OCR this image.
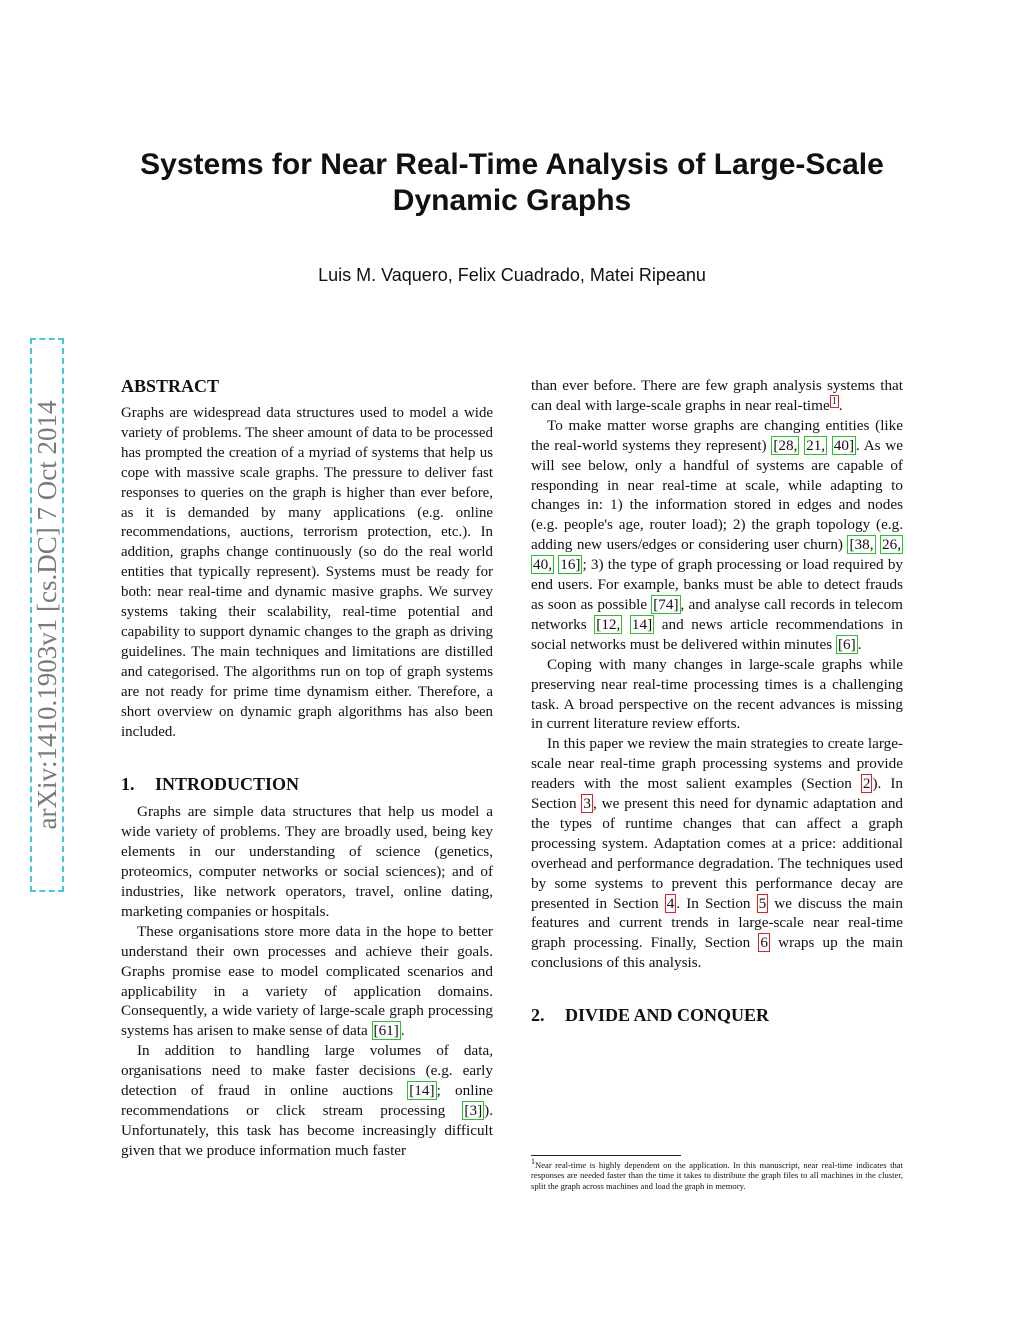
Systems for Near Real-Time Analysis of Large-Scale
Dynamic Graphs
Luis M. Vaquero, Felix Cuadrado, Matei Ripeanu
arXiv:1410.1903v1 [cs.DC] 7 Oct 2014
ABSTRACT

Graphs are widespread data structures used to model a wide variety of problems. The sheer amount of data to be processed has prompted the creation of a myriad of systems that help us cope with massive scale graphs. The pressure to deliver fast responses to queries on the graph is higher than ever before, as it is demanded by many applications (e.g. online recommendations, auctions, terrorism protection, etc.). In addition, graphs change continuously (so do the real world entities that typically represent). Systems must be ready for both: near real-time and dynamic masive graphs. We survey systems taking their scalability, real-time potential and capability to support dynamic changes to the graph as driving guidelines. The main techniques and limitations are distilled and categorised. The algorithms run on top of graph systems are not ready for prime time dynamism either. Therefore, a short overview on dynamic graph algorithms has also been included.

1. INTRODUCTION

Graphs are simple data structures that help us model a wide variety of problems. They are broadly used, being key elements in our understanding of science (genetics, proteomics, computer networks or social sciences); and of industries, like network operators, travel, online dating, marketing companies or hospitals.

These organisations store more data in the hope to better understand their own processes and achieve their goals. Graphs promise ease to model complicated scenarios and applicability in a variety of application domains. Consequently, a wide variety of large-scale graph processing systems has arisen to make sense of data [61] .

In addition to handling large volumes of data, organisations need to make faster decisions (e.g. early detection of fraud in online auctions [14] ; online recommendations or click stream processing [3] ). Unfortunately, this task has become increasingly difficult given that we produce information much faster

than ever before. There are few graph analysis systems that can deal with large-scale graphs in near real-time $^1$ .

To make matter worse graphs are changing entities (like the real-world systems they represent) [28, 21, 40] . As we will see below, only a handful of systems are capable of responding in near real-time at scale, while adapting to changes in: 1) the information stored in edges and nodes (e.g. people's age, router load); 2) the graph topology (e.g. adding new users/edges or considering user churn) [38, 26, 40, 16] ; 3) the type of graph processing or load required by end users. For example, banks must be able to detect frauds as soon as possible [74] , and analyse call records in telecom networks [12, 14] and news article recommendations in social networks must be delivered within minutes [6] .

Coping with many changes in large-scale graphs while preserving near real-time processing times is a challenging task. A broad perspective on the recent advances is missing in current literature review efforts.

In this paper we review the main strategies to create large-scale near real-time graph processing systems and provide readers with the most salient examples (Section 2 ). In Section 3 , we present this need for dynamic adaptation and the types of runtime changes that can affect a graph processing system. Adaptation comes at a price: additional overhead and performance degradation. The techniques used by some systems to prevent this performance decay are presented in Section 4 . In Section 5 we discuss the main features and current trends in large-scale near real-time graph processing. Finally, Section 6 wraps up the main conclusions of this analysis.

2. DIVIDE AND CONQUER
1Near real-time is highly dependent on the application. In this manuscript, near real-time indicates that responses are needed faster than the time it takes to distribute the graph files to all machines in the cluster, split the graph across machines and load the graph in memory.
